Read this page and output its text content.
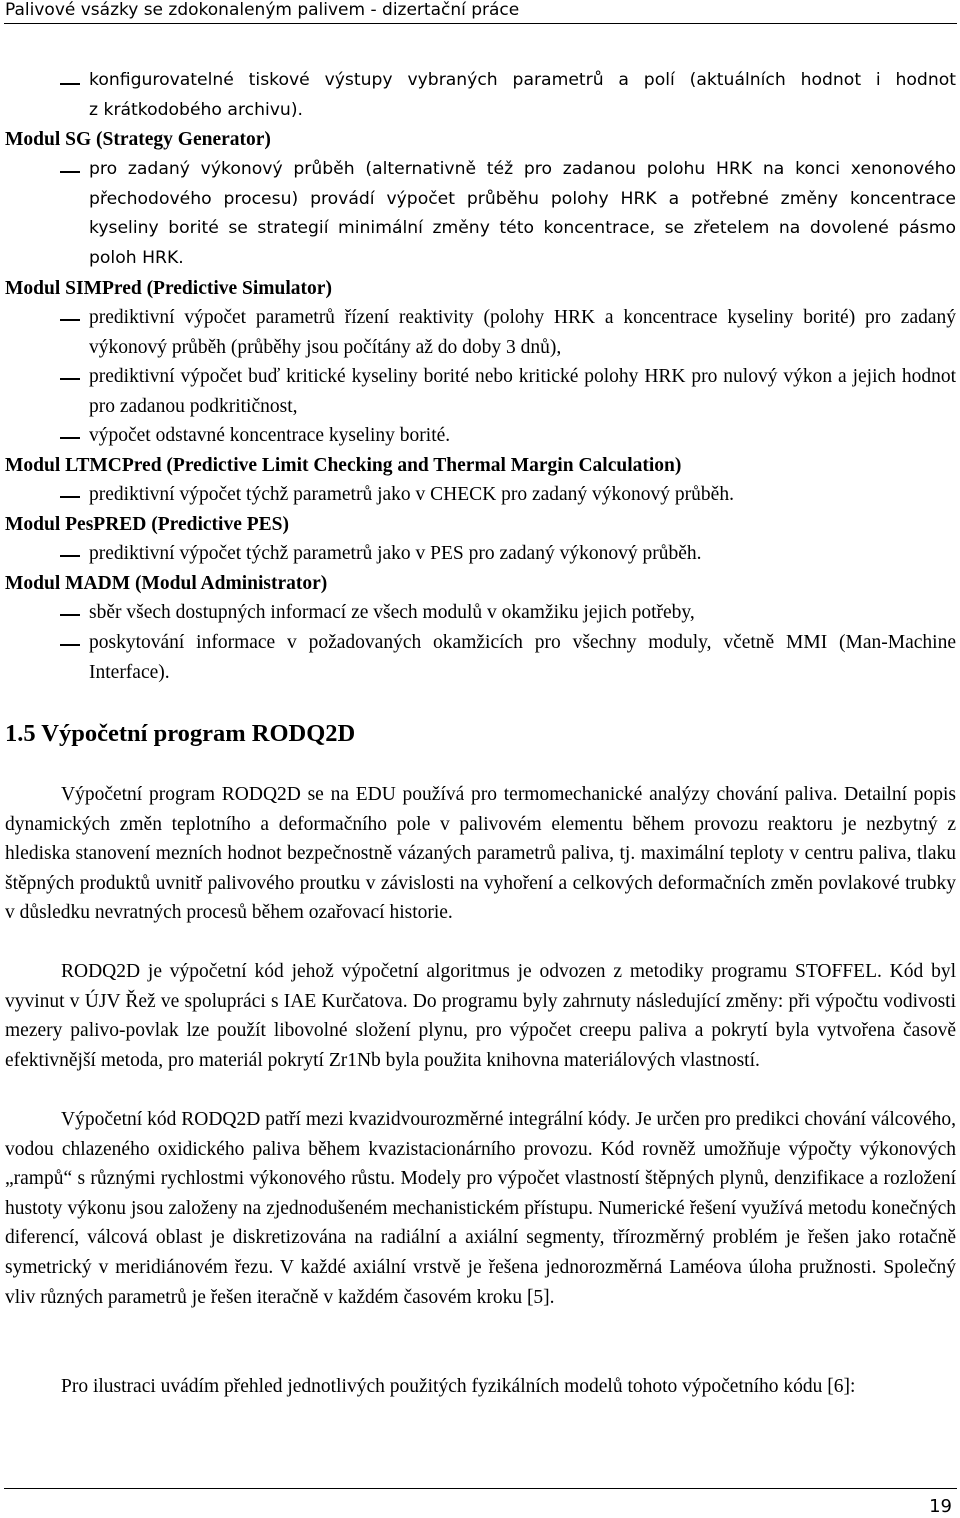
Palivové vsázky se zdokonaleným palivem - dizertační práce

konfigurovatelné tiskové výstupy vybraných parametrů a polí (aktuálních hodnot i hodnot

z krátkodobého archivu).

Modul SG (Strategy Generator)

pro zadaný výkonový průběh (alternativně též pro zadanou polohu HRK na konci xenonového přechodového procesu) provádí výpočet průběhu polohy HRK a potřebné změny koncentrace kyseliny borité se strategií minimální změny této koncentrace, se zřetelem na dovolené pásmo poloh HRK.

Modul SIMPred (Predictive Simulator)

prediktivní výpočet parametrů řízení reaktivity (polohy HRK a koncentrace kyseliny borité) pro zadaný výkonový průběh (průběhy jsou počítány až do doby 3 dnů),

prediktivní výpočet buď kritické kyseliny borité nebo kritické polohy HRK pro nulový výkon a jejich hodnot pro zadanou podkritičnost,

výpočet odstavné koncentrace kyseliny borité.

Modul LTMCPred (Predictive Limit Checking and Thermal Margin Calculation)

prediktivní výpočet týchž parametrů jako v CHECK pro zadaný výkonový průběh.

Modul PesPRED (Predictive PES)

prediktivní výpočet týchž parametrů jako v PES pro zadaný výkonový průběh.

Modul MADM (Modul Administrator)

sběr všech dostupných informací ze všech modulů v okamžiku jejich potřeby,

poskytování informace v požadovaných okamžicích pro všechny moduly, včetně MMI (Man-Machine Interface).

1.5 Výpočetní program RODQ2D

Výpočetní program RODQ2D se na EDU používá pro termomechanické analýzy chování paliva. Detailní popis dynamických změn teplotního a deformačního pole v palivovém elementu během provozu reaktoru je nezbytný z hlediska stanovení mezních hodnot bezpečnostně vázaných parametrů paliva, tj. maximální teploty v centru paliva, tlaku štěpných produktů uvnitř palivového proutku v závislosti na vyhoření a celkových deformačních změn povlakové trubky v důsledku nevratných procesů během ozařovací historie.

RODQ2D je výpočetní kód jehož výpočetní algoritmus je odvozen z metodiky programu STOFFEL. Kód byl vyvinut v ÚJV Řež ve spolupráci s IAE Kurčatova. Do programu byly zahrnuty následující změny: při výpočtu vodivosti mezery palivo-povlak lze použít libovolné složení plynu, pro výpočet creepu paliva a pokrytí byla vytvořena časově efektivnější metoda, pro materiál pokrytí Zr1Nb byla použita knihovna materiálových vlastností.

Výpočetní kód RODQ2D patří mezi kvazidvourozměrné integrální kódy. Je určen pro predikci chování válcového, vodou chlazeného oxidického paliva během kvazistacionárního provozu. Kód rovněž umožňuje výpočty výkonových „rampů“ s různými rychlostmi výkonového růstu. Modely pro výpočet vlastností štěpných plynů, denzifikace a rozložení hustoty výkonu jsou založeny na zjednodušeném mechanistickém přístupu. Numerické řešení využívá metodu konečných diferencí, válcová oblast je diskretizována na radiální a axiální segmenty, třírozměrný problém je řešen jako rotačně symetrický v meridiánovém řezu. V každé axiální vrstvě je řešena jednorozměrná Laméova úloha pružnosti. Společný vliv různých parametrů je řešen iteračně v každém časovém kroku [5].

Pro ilustraci uvádím přehled jednotlivých použitých fyzikálních modelů tohoto výpočetního kódu [6]:

19
